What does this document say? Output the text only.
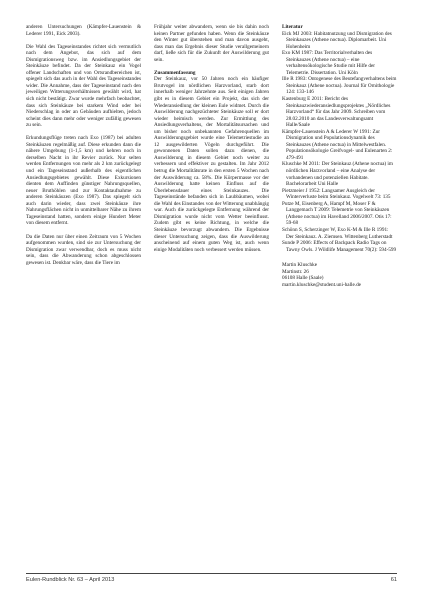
anderen Untersuchungen (Kämpfer-Lauenstein & Lederer 1991, Eick 2003).

Die Wahl des Tageseinstandes richtet sich vermutlich nach dem Angebot, das sich auf dem Dismigrationsweg bzw. im Ansiedlungsgebiet der Steinkäuze befindet. Da der Steinkauz ein Vogel offener Landschaften und von Ortsrandbereichen ist, spiegelt sich das auch in der Wahl des Tageseinstandes wider. Die Annahme, dass der Tageseinstand nach den jeweiligen Witterungsverhältnissen gewählt wird, hat sich nicht bestätigt. Zwar wurde mehrfach beobachtet, dass sich Steinkäuze bei starkem Wind oder bei Niederschlag in oder an Gebäuden aufhielten, jedoch scheint dies dann mehr oder weniger zufällig gewesen zu sein.

Erkundungsflüge treten nach Exo (1987) bei adulten Steinkäuzen regelmäßig auf. Diese erkunden dann die nähere Umgebung (1-1,5 km) und kehren noch in derselben Nacht in ihr Revier zurück. Nur selten werden Entfernungen von mehr als 2 km zurückgelegt und ein Tageseinstand außerhalb des eigentlichen Ansiedlungsgebietes gewählt. Diese Exkursionen dienten dem Auffinden günstiger Nahrungsquellen, neuer Bruthöhlen und zur Kontaktaufnahme zu anderen Steinkäuzen (Exo 1987). Das spiegelt sich auch darin wieder, dass zwei Steinkäuze ihre Nahrungsflächen nicht in unmittelbarer Nähe zu ihrem Tageseinstand hatten, sondern einige Hundert Meter von diesem entfernt.

Da die Daten nur über einen Zeitraum von 5 Wochen aufgenommen wurden, sind sie zur Untersuchung der Dismigration zwar verwendbar, doch es muss nicht sein, dass die Abwanderung schon abgeschlossen gewesen ist. Denkbar wäre, dass die Tiere im

Frühjahr weiter abwandern, wenn sie bis dahin noch keinen Partner gefunden haben. Wenn die Steinkäuze den Winter gut überstehen und man davon ausgeht, dass man das Ergebnis dieser Studie verallgemeinern darf, ließe sich für die Zukunft der Auswilderung gut sein.

Zusammenfassung

Der Steinkauz, vor 50 Jahren noch ein häufiger Brutvogel im nördlichen Harzvorland, starb dort innerhalb weniger Jahrzehnte aus. Seit einigen Jahren gibt es in diesem Gebiet ein Projekt, das sich der Wiederansiedlung der kleinen Eule widmet. Durch die Auswilderung nachgezüchteter Steinkäuze soll er dort wieder heimisch werden. Zur Ermittlung des Ansiedlungsverhaltens, der Mortalitätsursachen und um bisher noch unbekannten Gefahrenquellen im Auswilderungsgebiet wurde eine Telemetriestudie an 12 ausgewilderten Vögeln durchgeführt. Die gewonnenen Daten sollen dazu dienen, die Auswilderung in diesem Gebiet noch weiter zu verbessern und effektiver zu gestalten. Im Jahr 2012 betrug die Mortalitätsrate in den ersten 5 Wochen nach der Auswilderung ca. 58%. Die Körpermasse vor der Auswilderung hatte keinen Einfluss auf die Überlebensdauer eines Steinkauzes. Die Tageseinstände befanden sich in Laubbäumen, wobei die Wahl des Einstandes von der Witterung unabhängig war. Auch die zurückgelegte Entfernung während der Dismigration wurde nicht vom Wetter beeinflusst. Zudem gibt es keine Richtung, in welche die Steinkäuze bevorzugt abwandern. Die Ergebnisse dieser Untersuchung zeigen, dass die Auswilderung anscheinend auf einem guten Weg ist, auch wenn einige Modalitäten noch verbessert werden müssen.

Literatur

Eick MJ 2003: Habitatnutzung und Dismigration des Steinkauzes (Athene noctua). Diplomarbeit. Uni Hohenheim

Exo KM 1987: Das Territorialverhalten des Steinkauzes (Athene noctua) – eine verhaltensökologische Studie mit Hilfe der Telemetrie. Dissertation. Uni Köln

Ille R 1983: Ontogenese des Beutefangverhaltens beim Steinkauz (Athene noctua). Journal für Ornithologie 124: 133-146

Kastenburg E 2011: Bericht des Steinkauzwiederansiedlungsprojektes „Nördliches Harzvorland“ für das Jahr 2009. Schreiben vom 28.02.2010 an das Landesverwaltungsamt Halle/Saale

Kämpfer-Lauenstein A & Lederer W 1991: Zur Dismigration und Populationsdynamik des Steinkauzes (Athene noctua) in Mittelwestfalen. Populationsökologie Greifvogel- und Eulenarten 2: 479-491

Kluschke M 2011: Der Steinkauz (Athene noctua) im nördlichen Harzvorland – eine Analyse der vorhandenen und potenziellen Habitate. Bachelorarbeit Uni Halle

Pietzmeier J 1952: Langsamer Ausgleich der Winterverluste beim Steinkauz. Vogelwelt 73: 135

Putze M, Eisenberg A, Hampf M, Moser F & Langgemach T 2009: Telemetrie von Steinkäuzen (Athene noctua) im Havelland 2006/2007. Otis 17: 59-68

Schönn S, Scherzinger W, Exo K-M & Ille R 1991: Der Steinkauz. A. Ziemsen. Wittenberg Lutherstadt

Sunde P 2006: Effects of Backpack Radio Tags on Tawny Owls. J Wildlife Management 70(2): 594-599

Martin Kluschke
Martinstr. 26
06108 Halle (Saale)
martin.kluschke@student.uni-halle.de
Eulen-Rundblick Nr. 63 – April 2013	61
